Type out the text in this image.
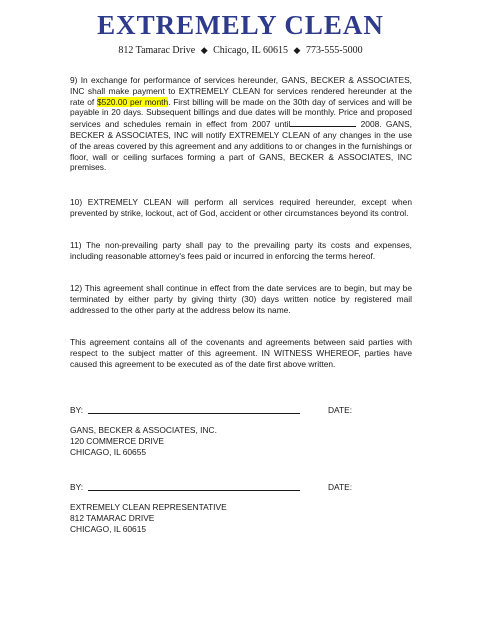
EXTREMELY CLEAN
812 Tamarac Drive ◆ Chicago, IL 60615 ◆ 773-555-5000

9) In exchange for performance of services hereunder, GANS, BECKER & ASSOCIATES, INC shall make payment to EXTREMELY CLEAN for services rendered hereunder at the rate of $520.00 per month. First billing will be made on the 30th day of services and will be payable in 20 days. Subsequent billings and due dates will be monthly. Price and proposed services and schedules remain in effect from 2007 until	2008. GANS, BECKER & ASSOCIATES, INC will notify EXTREMELY CLEAN of any changes in the use of the areas covered by this agreement and any additions to or changes in the furnishings or floor, wall or ceiling surfaces forming a part of GANS, BECKER & ASSOCIATES, INC premises.

10) EXTREMELY CLEAN will perform all services required hereunder, except when prevented by strike, lockout, act of God, accident or other circumstances beyond its control.

11) The non-prevailing party shall pay to the prevailing party its costs and expenses, including reasonable attorney's fees paid or incurred in enforcing the terms hereof.

12) This agreement shall continue in effect from the date services are to begin, but may be terminated by either party by giving thirty (30) days written notice by registered mail addressed to the other party at the address below its name.

This agreement contains all of the covenants and agreements between said parties with respect to the subject matter of this agreement. IN WITNESS WHEREOF, parties have caused this agreement to be executed as of the date first above written.

BY:	DATE:
GANS, BECKER & ASSOCIATES, INC.
120 COMMERCE DRIVE
CHICAGO, IL 60655
BY:	DATE:
EXTREMELY CLEAN REPRESENTATIVE
812 TAMARAC DRIVE
CHICAGO, IL 60615
